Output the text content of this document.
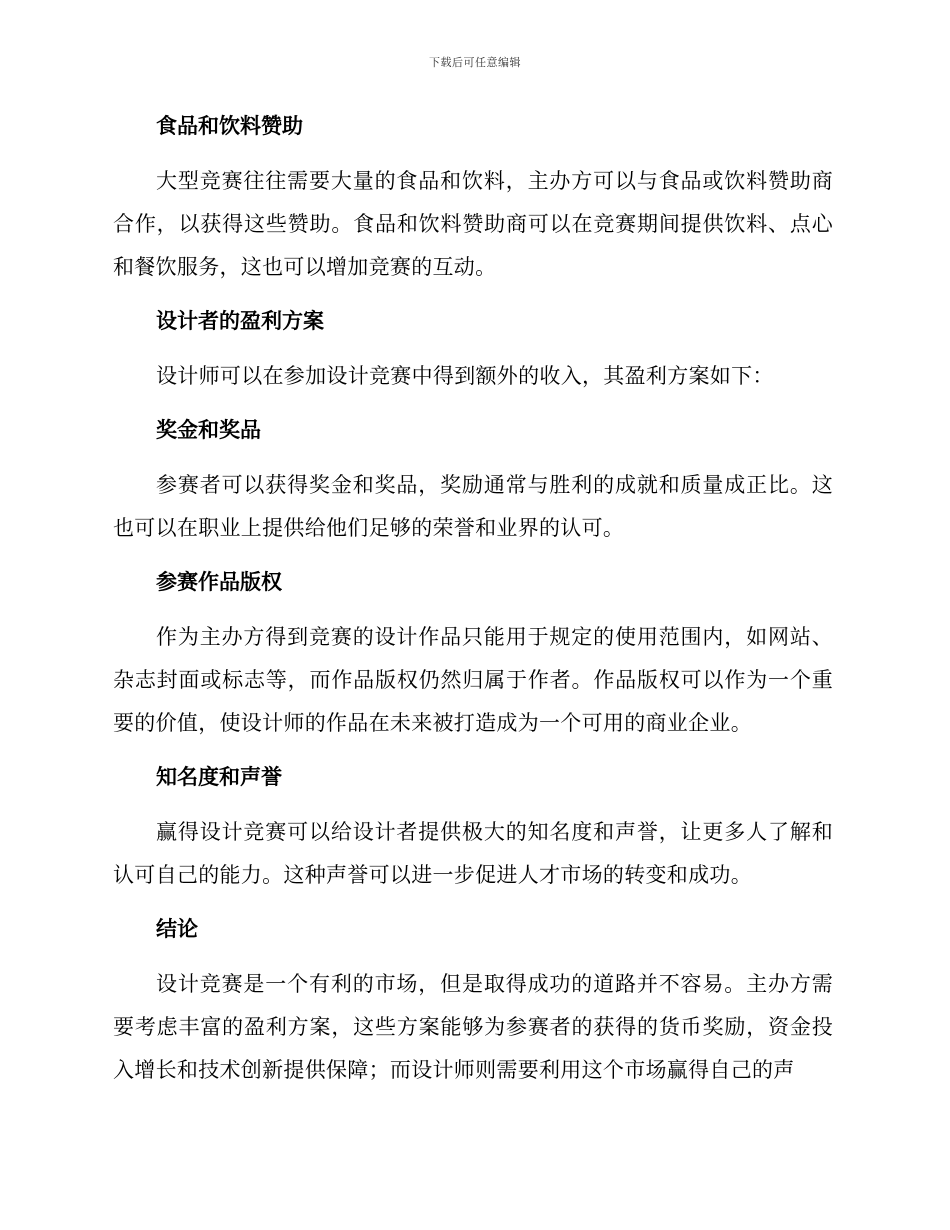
下载后可任意编辑
食品和饮料赞助

大型竞赛往往需要大量的食品和饮料，主办方可以与食品或饮料赞助商合作，以获得这些赞助。食品和饮料赞助商可以在竞赛期间提供饮料、点心和餐饮服务，这也可以增加竞赛的互动。

设计者的盈利方案

设计师可以在参加设计竞赛中得到额外的收入，其盈利方案如下：

奖金和奖品

参赛者可以获得奖金和奖品，奖励通常与胜利的成就和质量成正比。这也可以在职业上提供给他们足够的荣誉和业界的认可。

参赛作品版权

作为主办方得到竞赛的设计作品只能用于规定的使用范围内，如网站、杂志封面或标志等，而作品版权仍然归属于作者。作品版权可以作为一个重要的价值，使设计师的作品在未来被打造成为一个可用的商业企业。

知名度和声誉

赢得设计竞赛可以给设计者提供极大的知名度和声誉，让更多人了解和认可自己的能力。这种声誉可以进一步促进人才市场的转变和成功。

结论

设计竞赛是一个有利的市场，但是取得成功的道路并不容易。主办方需要考虑丰富的盈利方案，这些方案能够为参赛者的获得的货币奖励，资金投入增长和技术创新提供保障；而设计师则需要利用这个市场赢得自己的声
